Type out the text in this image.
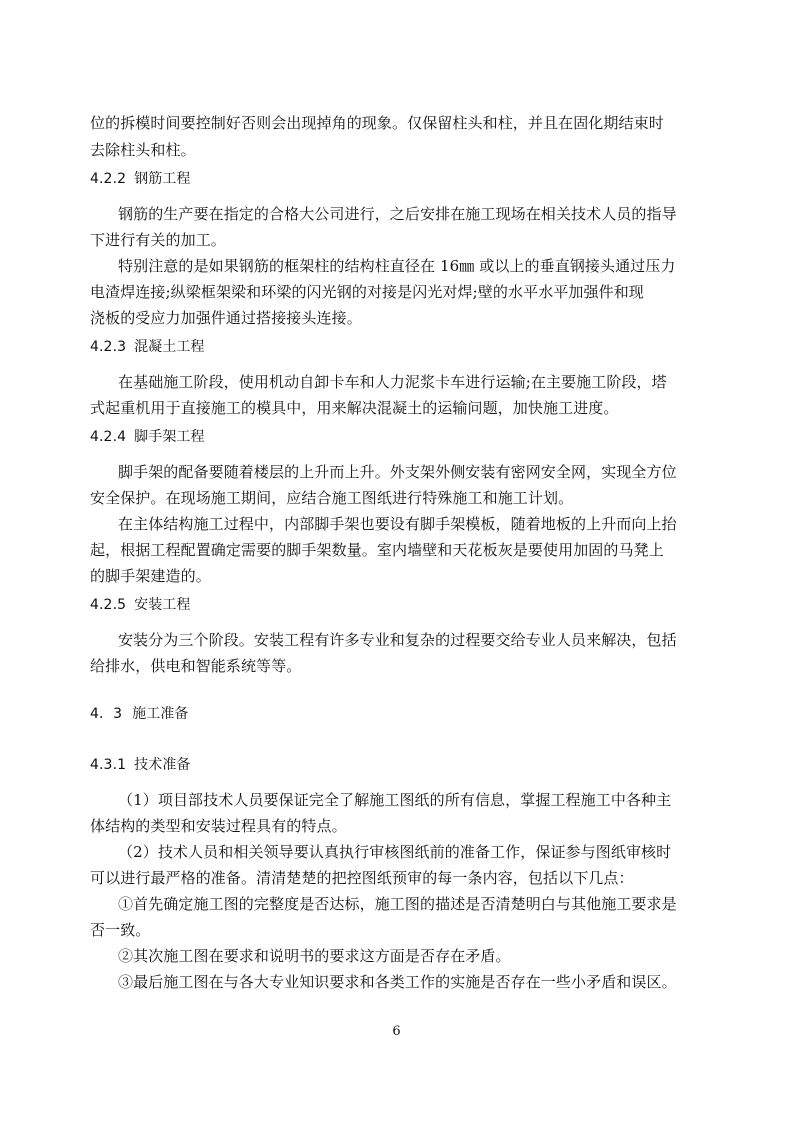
位的拆模时间要控制好否则会出现掉角的现象。仅保留柱头和柱，并且在固化期结束时
去除柱头和柱。
4.2.2 钢筋工程
钢筋的生产要在指定的合格大公司进行，之后安排在施工现场在相关技术人员的指导
下进行有关的加工。
特别注意的是如果钢筋的框架柱的结构柱直径在 16㎜ 或以上的垂直钢接头通过压力
电渣焊连接;纵梁框架梁和环梁的闪光钢的对接是闪光对焊;壁的水平水平加强件和现
浇板的受应力加强件通过搭接接头连接。
4.2.3 混凝土工程
在基础施工阶段，使用机动自卸卡车和人力泥浆卡车进行运输;在主要施工阶段，塔
式起重机用于直接施工的模具中，用来解决混凝土的运输问题，加快施工进度。
4.2.4 脚手架工程
脚手架的配备要随着楼层的上升而上升。外支架外侧安装有密网安全网，实现全方位
安全保护。在现场施工期间，应结合施工图纸进行特殊施工和施工计划。
在主体结构施工过程中，内部脚手架也要设有脚手架模板，随着地板的上升而向上抬
起，根据工程配置确定需要的脚手架数量。室内墙壁和天花板灰是要使用加固的马凳上
的脚手架建造的。
4.2.5 安装工程
安装分为三个阶段。安装工程有许多专业和复杂的过程要交给专业人员来解决，包括
给排水，供电和智能系统等等。
4．3 施工准备
4.3.1 技术准备
（1）项目部技术人员要保证完全了解施工图纸的所有信息，掌握工程施工中各种主
体结构的类型和安装过程具有的特点。
（2）技术人员和相关领导要认真执行审核图纸前的准备工作，保证参与图纸审核时
可以进行最严格的准备。清清楚楚的把控图纸预审的每一条内容，包括以下几点：
①首先确定施工图的完整度是否达标，施工图的描述是否清楚明白与其他施工要求是
否一致。
②其次施工图在要求和说明书的要求这方面是否存在矛盾。
③最后施工图在与各大专业知识要求和各类工作的实施是否存在一些小矛盾和误区。
6
